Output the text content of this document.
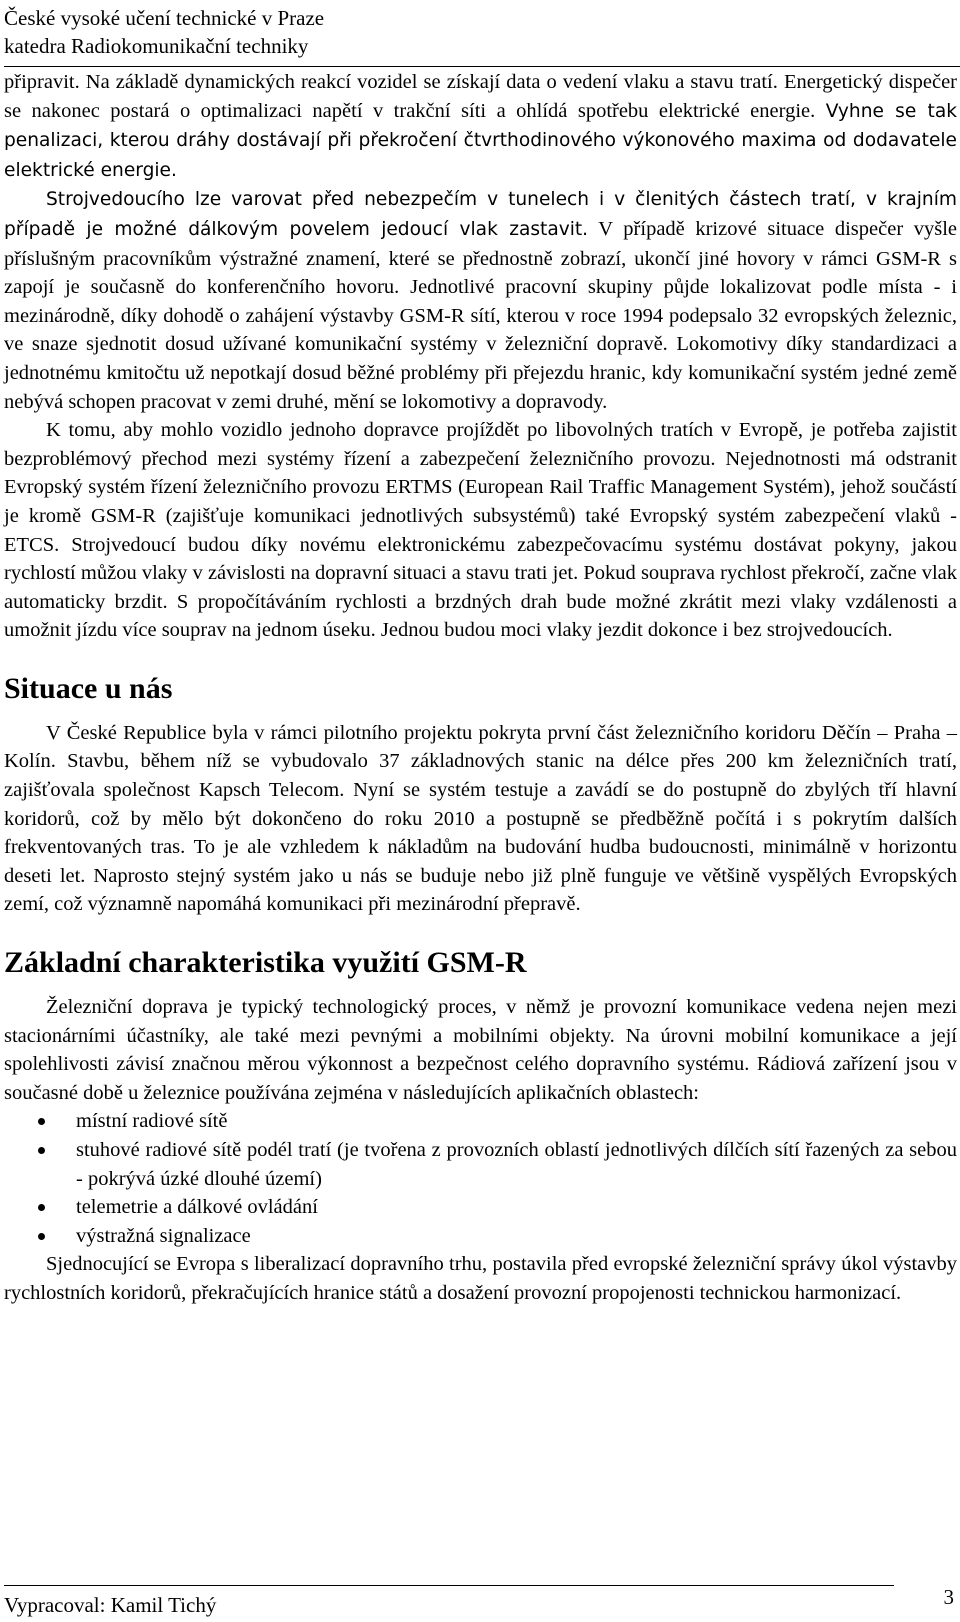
České vysoké učení technické v Praze
katedra Radiokomunikační techniky

připravit. Na základě dynamických reakcí vozidel se získají data o vedení vlaku a stavu tratí. Energetický dispečer se nakonec postará o optimalizaci napětí v trakční síti a ohlídá spotřebu elektrické energie. Vyhne se tak penalizaci, kterou dráhy dostávají při překročení čtvrthodinového výkonového maxima od dodavatele elektrické energie.

Strojvedoucího lze varovat před nebezpečím v tunelech i v členitých částech tratí, v krajním případě je možné dálkovým povelem jedoucí vlak zastavit. V případě krizové situace dispečer vyšle příslušným pracovníkům výstražné znamení, které se přednostně zobrazí, ukončí jiné hovory v rámci GSM-R s zapojí je současně do konferenčního hovoru. Jednotlivé pracovní skupiny půjde lokalizovat podle místa - i mezinárodně, díky dohodě o zahájení výstavby GSM-R sítí, kterou v roce 1994 podepsalo 32 evropských železnic, ve snaze sjednotit dosud užívané komunikační systémy v železniční dopravě. Lokomotivy díky standardizaci a jednotnému kmitočtu už nepotkají dosud běžné problémy při přejezdu hranic, kdy komunikační systém jedné země nebývá schopen pracovat v zemi druhé, mění se lokomotivy a dopravody.

K tomu, aby mohlo vozidlo jednoho dopravce projíždět po libovolných tratích v Evropě, je potřeba zajistit bezproblémový přechod mezi systémy řízení a zabezpečení železničního provozu. Nejednotnosti má odstranit Evropský systém řízení železničního provozu ERTMS (European Rail Traffic Management Systém), jehož součástí je kromě GSM-R (zajišťuje komunikaci jednotlivých subsystémů) také Evropský systém zabezpečení vlaků - ETCS. Strojvedoucí budou díky novému elektronickému zabezpečovacímu systému dostávat pokyny, jakou rychlostí můžou vlaky v závislosti na dopravní situaci a stavu trati jet. Pokud souprava rychlost překročí, začne vlak automaticky brzdit. S propočítáváním rychlosti a brzdných drah bude možné zkrátit mezi vlaky vzdálenosti a umožnit jízdu více souprav na jednom úseku. Jednou budou moci vlaky jezdit dokonce i bez strojvedoucích.

Situace u nás

V České Republice byla v rámci pilotního projektu pokryta první část železničního koridoru Děčín – Praha – Kolín. Stavbu, během níž se vybudovalo 37 základnových stanic na délce přes 200 km železničních tratí, zajišťovala společnost Kapsch Telecom. Nyní se systém testuje a zavádí se do postupně do zbylých tří hlavní koridorů, což by mělo být dokončeno do roku 2010 a postupně se předběžně počítá i s pokrytím dalších frekventovaných tras. To je ale vzhledem k nákladům na budování hudba budoucnosti, minimálně v horizontu deseti let. Naprosto stejný systém jako u nás se buduje nebo již plně funguje ve většině vyspělých Evropských zemí, což významně napomáhá komunikaci při mezinárodní přepravě.

Základní charakteristika využití GSM-R

Železniční doprava je typický technologický proces, v němž je provozní komunikace vedena nejen mezi stacionárními účastníky, ale také mezi pevnými a mobilními objekty. Na úrovni mobilní komunikace a její spolehlivosti závisí značnou měrou výkonnost a bezpečnost celého dopravního systému. Rádiová zařízení jsou v současné době u železnice používána zejména v následujících aplikačních oblastech:

místní radiové sítě
stuhové radiové sítě podél tratí (je tvořena z provozních oblastí jednotlivých dílčích sítí řazených za sebou - pokrývá úzké dlouhé území)
telemetrie a dálkové ovládání
výstražná signalizace

Sjednocující se Evropa s liberalizací dopravního trhu, postavila před evropské železniční správy úkol výstavby rychlostních koridorů, překračujících hranice států a dosažení provozní propojenosti technickou harmonizací.

Vypracoval: Kamil Tichý	3
